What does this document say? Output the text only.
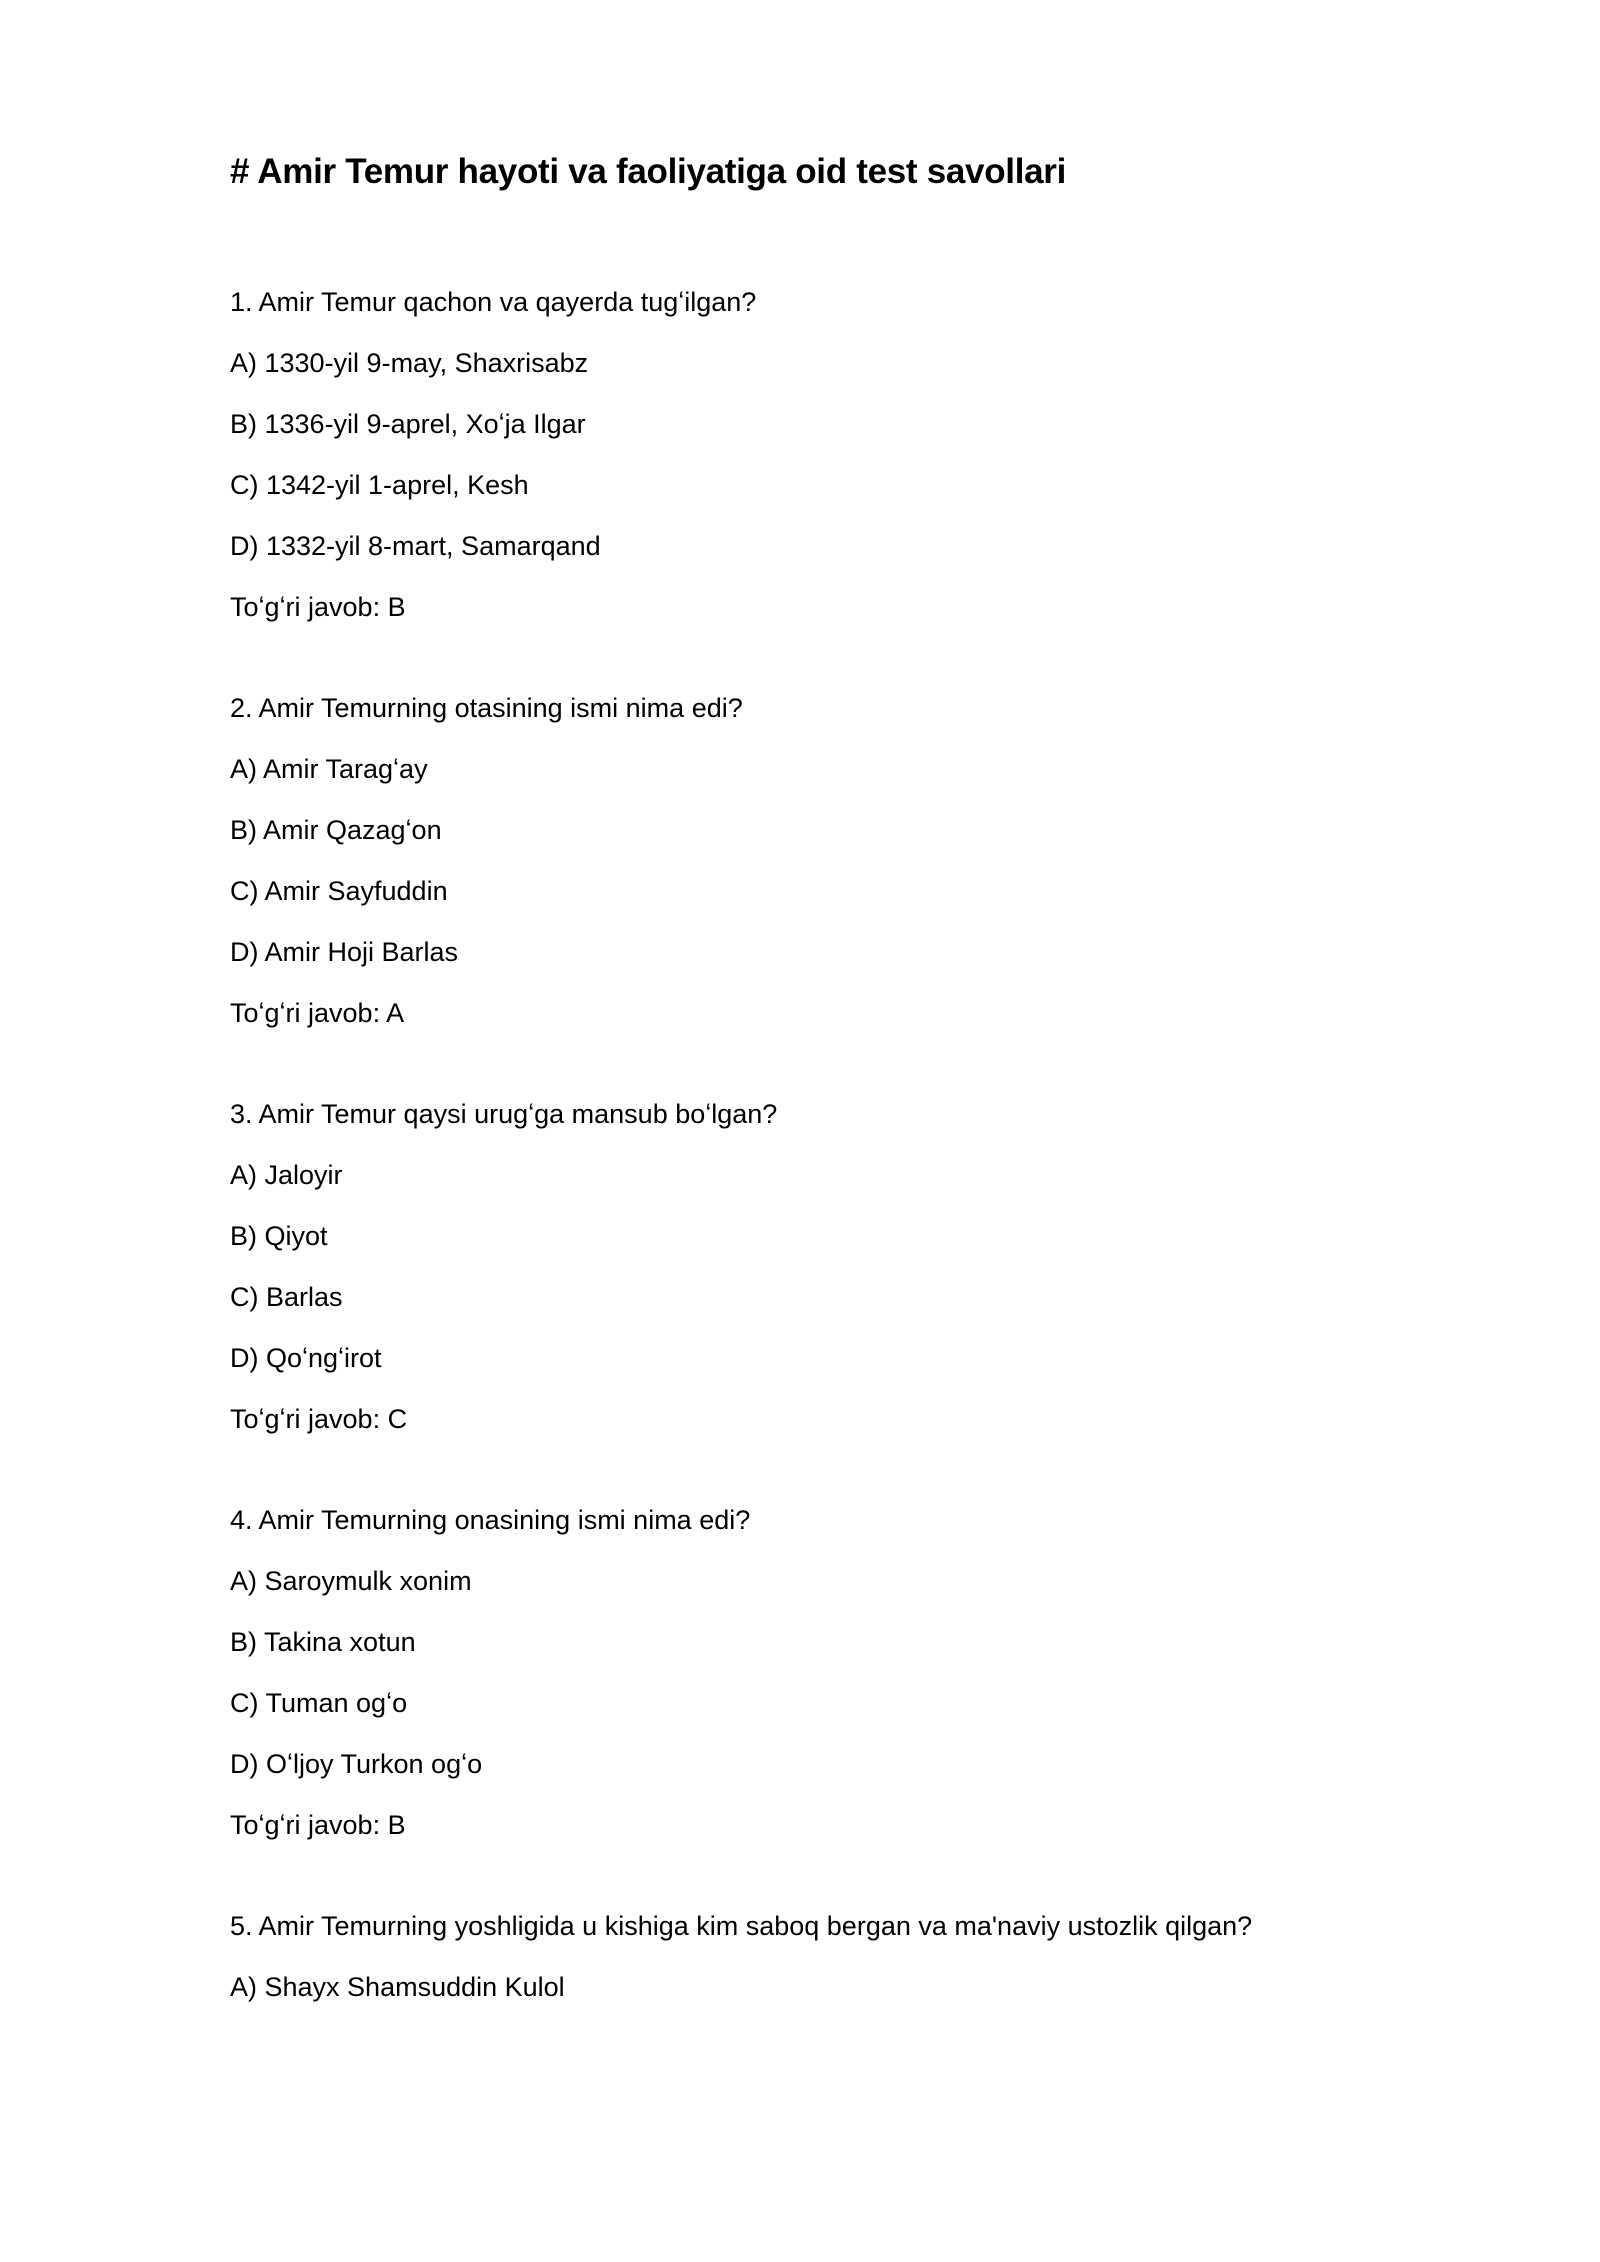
# Amir Temur hayoti va faoliyatiga oid test savollari
1. Amir Temur qachon va qayerda tugʻilgan?
A) 1330-yil 9-may, Shaxrisabz
B) 1336-yil 9-aprel, Xoʻja Ilgar
C) 1342-yil 1-aprel, Kesh
D) 1332-yil 8-mart, Samarqand
Toʻgʻri javob: B
2. Amir Temurning otasining ismi nima edi?
A) Amir Taragʻay
B) Amir Qazagʻon
C) Amir Sayfuddin
D) Amir Hoji Barlas
Toʻgʻri javob: A
3. Amir Temur qaysi urugʻga mansub boʻlgan?
A) Jaloyir
B) Qiyot
C) Barlas
D) Qoʻngʻirot
Toʻgʻri javob: C
4. Amir Temurning onasining ismi nima edi?
A) Saroymulk xonim
B) Takina xotun
C) Tuman ogʻo
D) Oʻljoy Turkon ogʻo
Toʻgʻri javob: B
5. Amir Temurning yoshligida u kishiga kim saboq bergan va ma'naviy ustozlik qilgan?
A) Shayx Shamsuddin Kulol
